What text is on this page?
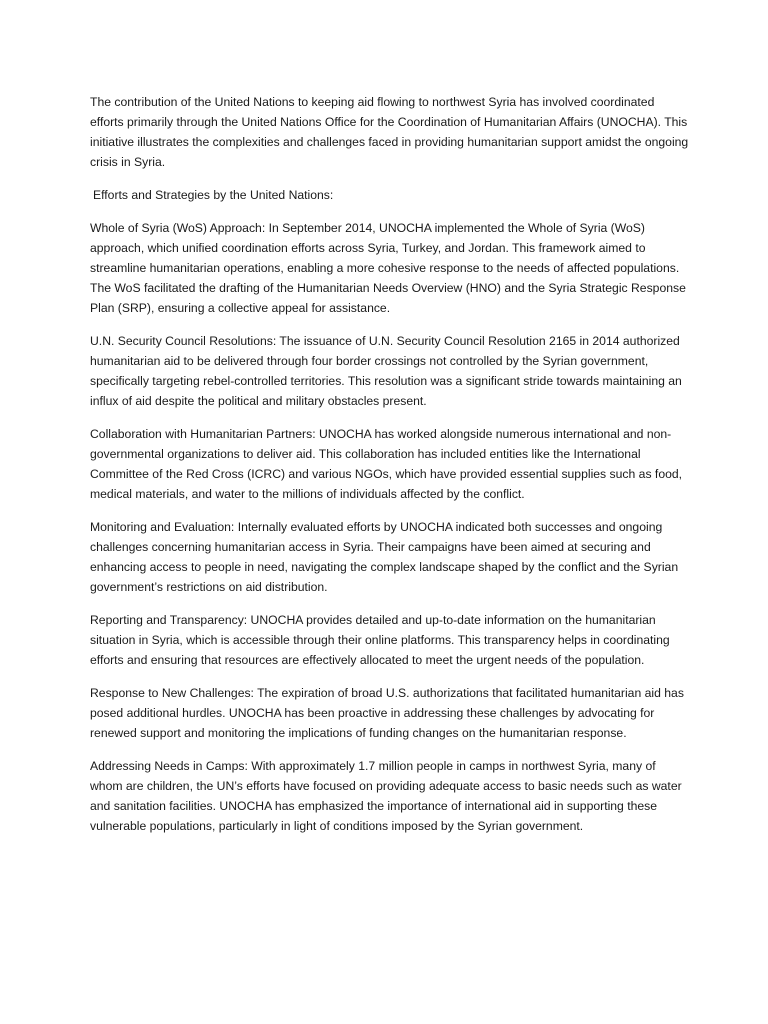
The contribution of the United Nations to keeping aid flowing to northwest Syria has involved coordinated efforts primarily through the United Nations Office for the Coordination of Humanitarian Affairs (UNOCHA). This initiative illustrates the complexities and challenges faced in providing humanitarian support amidst the ongoing crisis in Syria.

Efforts and Strategies by the United Nations:

Whole of Syria (WoS) Approach: In September 2014, UNOCHA implemented the Whole of Syria (WoS) approach, which unified coordination efforts across Syria, Turkey, and Jordan. This framework aimed to streamline humanitarian operations, enabling a more cohesive response to the needs of affected populations. The WoS facilitated the drafting of the Humanitarian Needs Overview (HNO) and the Syria Strategic Response Plan (SRP), ensuring a collective appeal for assistance.

U.N. Security Council Resolutions: The issuance of U.N. Security Council Resolution 2165 in 2014 authorized humanitarian aid to be delivered through four border crossings not controlled by the Syrian government, specifically targeting rebel-controlled territories. This resolution was a significant stride towards maintaining an influx of aid despite the political and military obstacles present.

Collaboration with Humanitarian Partners: UNOCHA has worked alongside numerous international and non-governmental organizations to deliver aid. This collaboration has included entities like the International Committee of the Red Cross (ICRC) and various NGOs, which have provided essential supplies such as food, medical materials, and water to the millions of individuals affected by the conflict.

Monitoring and Evaluation: Internally evaluated efforts by UNOCHA indicated both successes and ongoing challenges concerning humanitarian access in Syria. Their campaigns have been aimed at securing and enhancing access to people in need, navigating the complex landscape shaped by the conflict and the Syrian government’s restrictions on aid distribution.

Reporting and Transparency: UNOCHA provides detailed and up-to-date information on the humanitarian situation in Syria, which is accessible through their online platforms. This transparency helps in coordinating efforts and ensuring that resources are effectively allocated to meet the urgent needs of the population.

Response to New Challenges: The expiration of broad U.S. authorizations that facilitated humanitarian aid has posed additional hurdles. UNOCHA has been proactive in addressing these challenges by advocating for renewed support and monitoring the implications of funding changes on the humanitarian response.

Addressing Needs in Camps: With approximately 1.7 million people in camps in northwest Syria, many of whom are children, the UN’s efforts have focused on providing adequate access to basic needs such as water and sanitation facilities. UNOCHA has emphasized the importance of international aid in supporting these vulnerable populations, particularly in light of conditions imposed by the Syrian government.
